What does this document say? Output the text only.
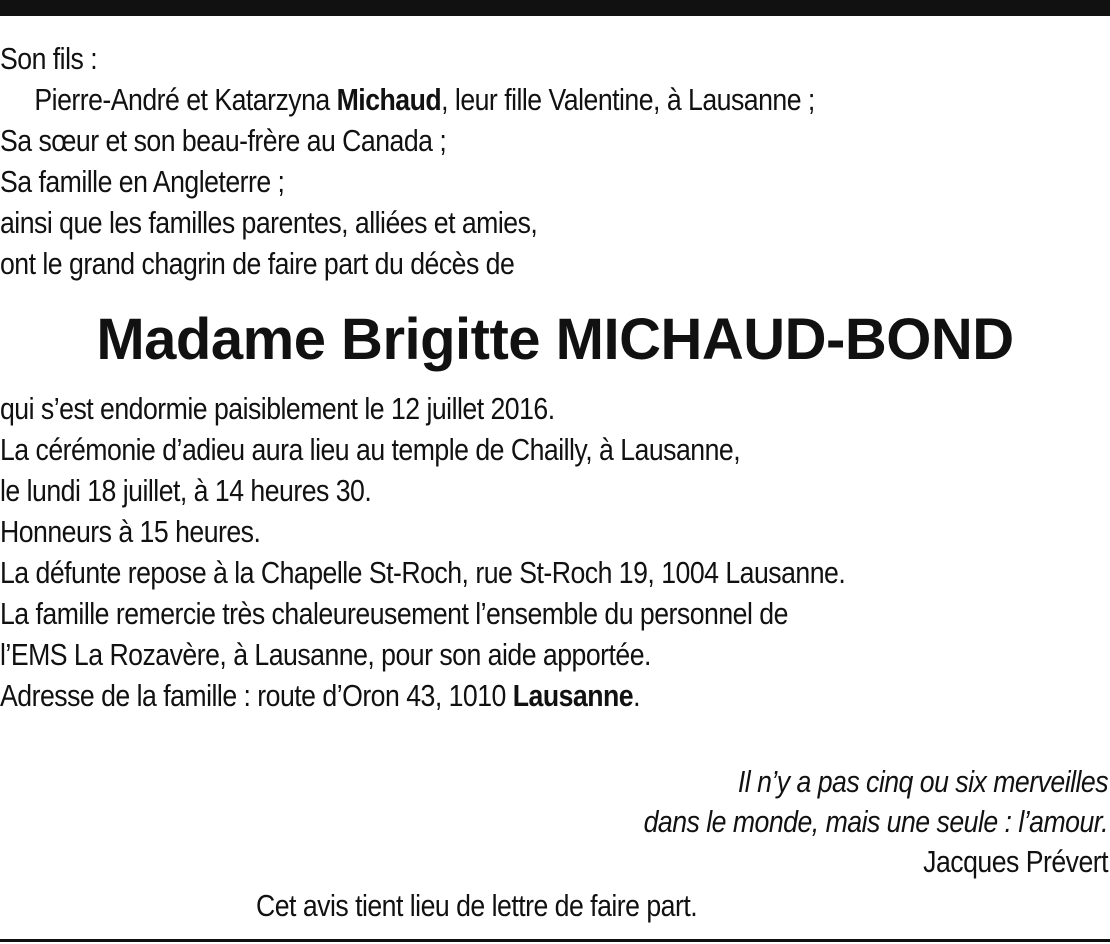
Son fils :
Pierre-André et Katarzyna Michaud, leur fille Valentine, à Lausanne ;
Sa sœur et son beau-frère au Canada ;
Sa famille en Angleterre ;
ainsi que les familles parentes, alliées et amies,
ont le grand chagrin de faire part du décès de
Madame Brigitte MICHAUD-BOND
qui s’est endormie paisiblement le 12 juillet 2016.
La cérémonie d’adieu aura lieu au temple de Chailly, à Lausanne,
le lundi 18 juillet, à 14 heures 30.
Honneurs à 15 heures.
La défunte repose à la Chapelle St-Roch, rue St-Roch 19, 1004 Lausanne.
La famille remercie très chaleureusement l’ensemble du personnel de
l’EMS La Rozavère, à Lausanne, pour son aide apportée.
Adresse de la famille : route d’Oron 43, 1010 Lausanne.
Il n’y a pas cinq ou six merveilles
dans le monde, mais une seule : l’amour.
Jacques Prévert
Cet avis tient lieu de lettre de faire part.
